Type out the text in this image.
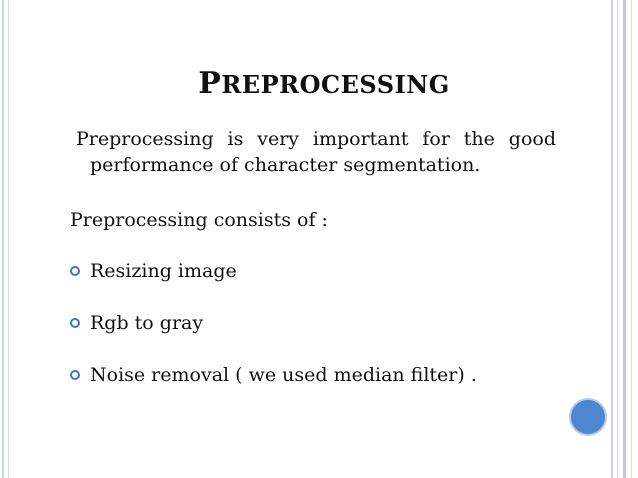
PREPROCESSING
Preprocessing is very important for the good
performance of character segmentation.
Preprocessing consists of :
Resizing image
Rgb to gray
Noise removal ( we used median filter) .
